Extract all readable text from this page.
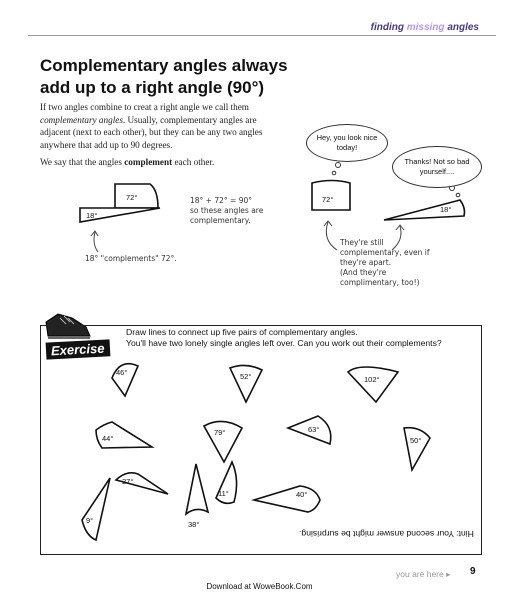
finding missing angles
Complementary angles always add up to a right angle (90°)
If two angles combine to creat a right angle we call them complementary angles. Usually, complementary angles are adjacent (next to each other), but they can be any two angles anywhere that add up to 90 degrees.
We say that the angles complement each other.
72°
18°
18° + 72° = 90°
so these angles are
complementary.
18° "complements" 72°.
Hey, you look nice today!
Thanks! Not so bad yourself....
72°
18°
They're still
complementary, even if
they're apart.
(And they're
complimentary, too!)
Exercise
Draw lines to connect up five pairs of complementary angles.
You'll have two lonely single angles left over. Can you work out their complements?
46°	52°	102°
44°
79°	63°
50°
27°
11°	40°
9°	38°
Hint: Your second answer might be surprising.
you are here ▸ 9
Download at WoweBook.Com
